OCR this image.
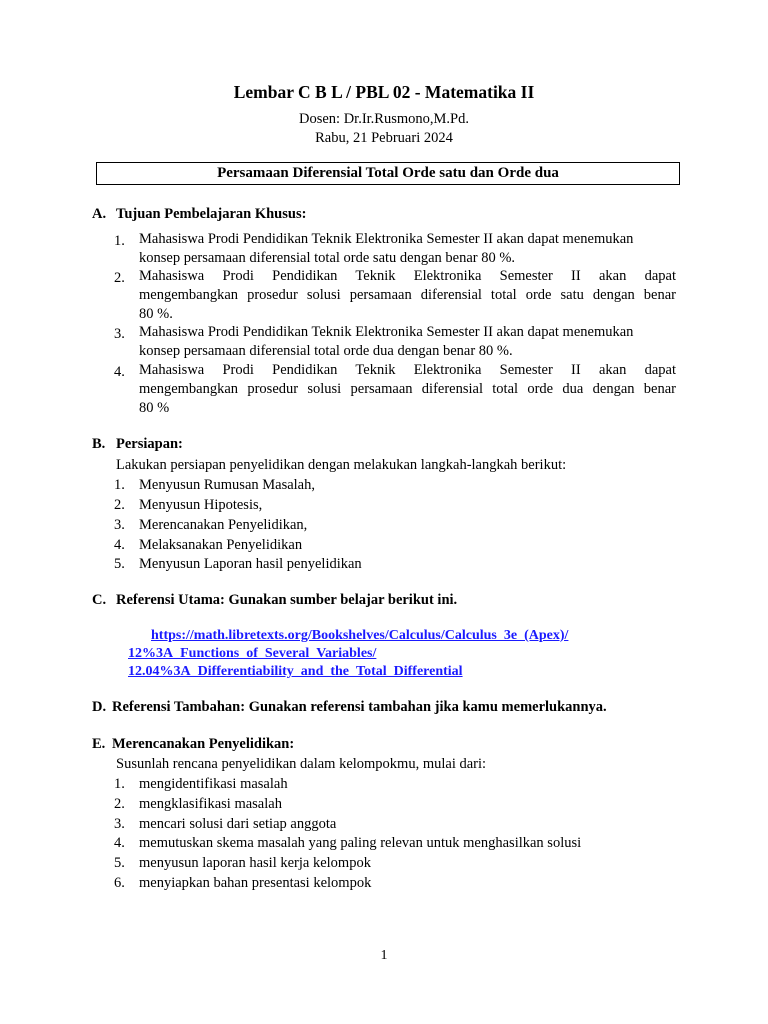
Lembar C B L / PBL 02 - Matematika II
Dosen: Dr.Ir.Rusmono,M.Pd.
Rabu, 21 Pebruari 2024
Persamaan Diferensial Total Orde satu dan Orde dua
A. Tujuan Pembelajaran Khusus:
1. Mahasiswa Prodi Pendidikan Teknik Elektronika Semester II akan dapat menemukan
konsep persamaan diferensial total orde satu dengan benar 80 %.
2. Mahasiswa Prodi Pendidikan Teknik Elektronika Semester II akan dapat
mengembangkan prosedur solusi persamaan diferensial total orde satu dengan benar
80 %.
3. Mahasiswa Prodi Pendidikan Teknik Elektronika Semester II akan dapat menemukan
konsep persamaan diferensial total orde dua dengan benar 80 %.
4. Mahasiswa Prodi Pendidikan Teknik Elektronika Semester II akan dapat
mengembangkan prosedur solusi persamaan diferensial total orde dua dengan benar
80 %
B. Persiapan:
Lakukan persiapan penyelidikan dengan melakukan langkah-langkah berikut:
1. Menyusun Rumusan Masalah,
2. Menyusun Hipotesis,
3. Merencanakan Penyelidikan,
4. Melaksanakan Penyelidikan
5. Menyusun Laporan hasil penyelidikan
C. Referensi Utama: Gunakan sumber belajar berikut ini.
https://math.libretexts.org/Bookshelves/Calculus/Calculus_3e_(Apex)/
12%3A_Functions_of_Several_Variables/
12.04%3A_Differentiability_and_the_Total_Differential
D. Referensi Tambahan: Gunakan referensi tambahan jika kamu memerlukannya.
E. Merencanakan Penyelidikan:
Susunlah rencana penyelidikan dalam kelompokmu, mulai dari:
1. mengidentifikasi masalah
2. mengklasifikasi masalah
3. mencari solusi dari setiap anggota
4. memutuskan skema masalah yang paling relevan untuk menghasilkan solusi
5. menyusun laporan hasil kerja kelompok
6. menyiapkan bahan presentasi kelompok
1
